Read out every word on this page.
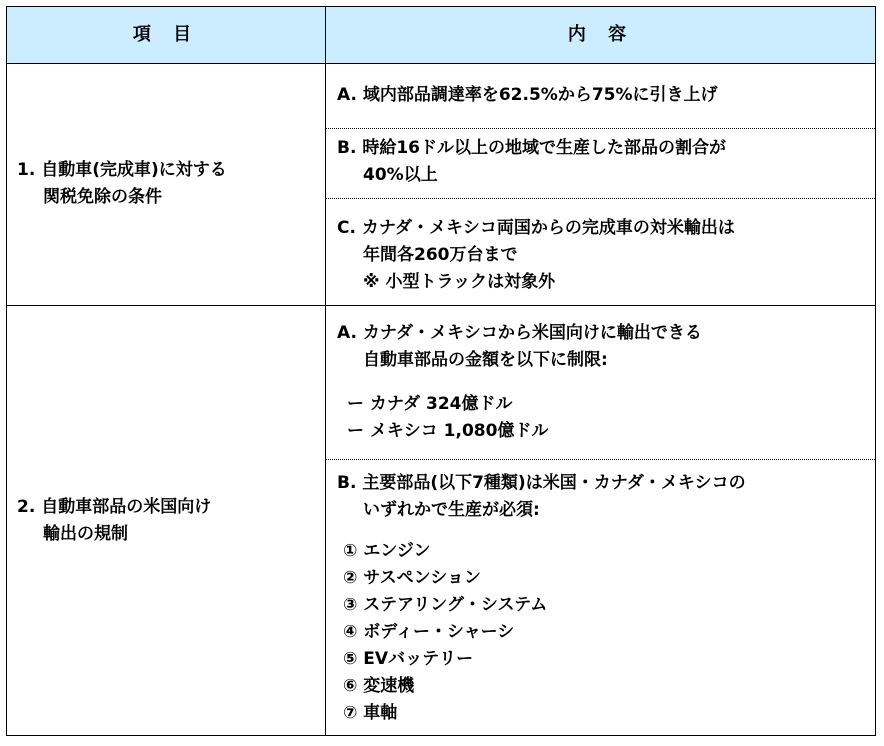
項 目	内 容
1. 自動車(完成車)に対する
関税免除の条件
A. 域内部品調達率を62.5%から75%に引き上げ
B. 時給16ドル以上の地域で生産した部品の割合が
40%以上
C. カナダ・メキシコ両国からの完成車の対米輸出は
年間各260万台まで
※ 小型トラックは対象外
2. 自動車部品の米国向け
輸出の規制
A. カナダ・メキシコから米国向けに輸出できる
自動車部品の金額を以下に制限:
ー カナダ 324億ドル
ー メキシコ 1,080億ドル
B. 主要部品(以下7種類)は米国・カナダ・メキシコの
いずれかで生産が必須:
① エンジン
② サスペンション
③ ステアリング・システム
④ ボディー・シャーシ
⑤ EVバッテリー
⑥ 変速機
⑦ 車軸
